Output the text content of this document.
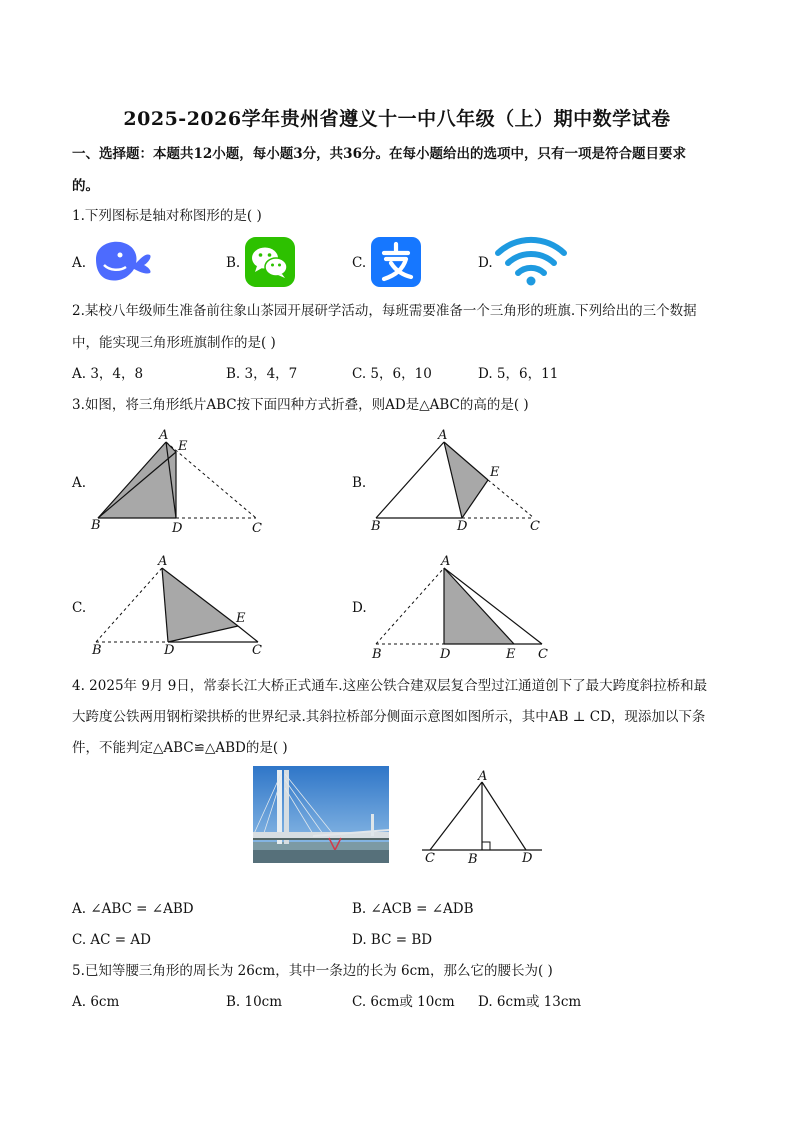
2025-2026学年贵州省遵义十一中八年级（上）期中数学试卷
一、选择题：本题共12小题，每小题3分，共36分。在每小题给出的选项中，只有一项是符合题目要求
的。
1.下列图标是轴对称图形的是( )
A.	B.	C.	D.
2.某校八年级师生准备前往象山茶园开展研学活动，每班需要准备一个三角形的班旗.下列给出的三个数据
中，能实现三角形班旗制作的是( )
A. 3，4，8	B. 3，4，7	C. 5，6，10	D. 5，6，11
3.如图，将三角形纸片ABC按下面四种方式折叠，则AD是△ABC的高的是( )
A.
A
E
B	D	C
B.
A
E
B	D	C
C.
A
E
B	D	C
D.
A
E
B	D	C
4. 2025年 9月 9日，常泰长江大桥正式通车.这座公铁合建双层复合型过江通道创下了最大跨度斜拉桥和最
大跨度公铁两用钢桁梁拱桥的世界纪录.其斜拉桥部分侧面示意图如图所示，其中AB ⊥ CD，现添加以下条
件，不能判定△ABC≌△ABD的是( )
A
C	B	D
A. ∠ABC = ∠ABD	B. ∠ACB = ∠ADB
C. AC = AD	D. BC = BD
5.已知等腰三角形的周长为 26cm，其中一条边的长为 6cm，那么它的腰长为( )
A. 6cm	B. 10cm	C. 6cm或 10cm D. 6cm或 13cm
